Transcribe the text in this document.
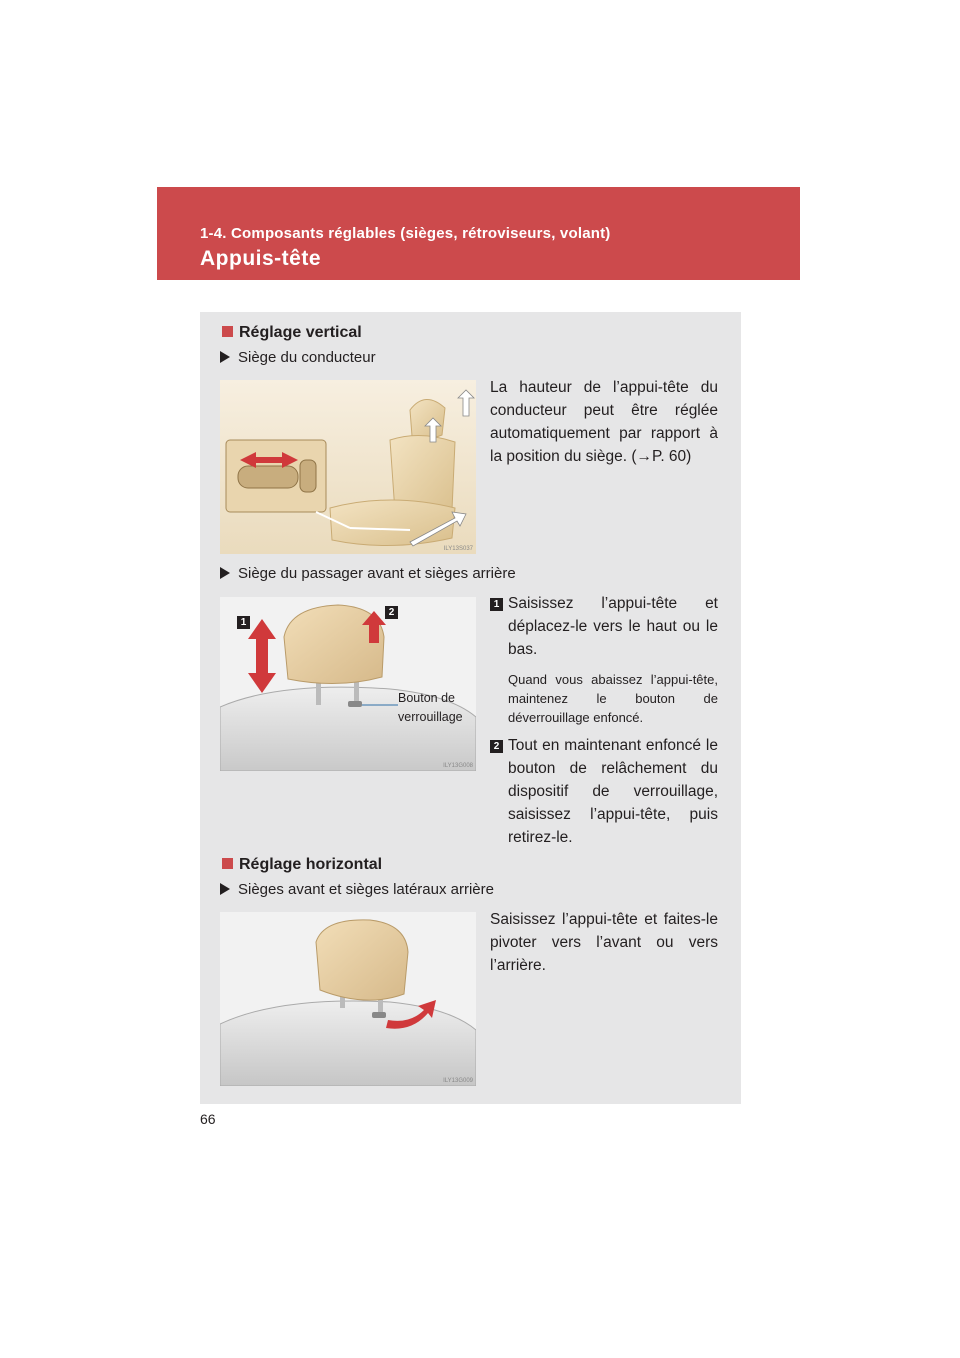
1-4. Composants réglables (sièges, rétroviseurs, volant)
Appuis-tête
Réglage vertical
Siège du conducteur
ILY13S037
La hauteur de l’appui-tête du conducteur peut être réglée automatiquement par rapport à la position du siège. (→P. 60)
Siège du passager avant et sièges arrière
1
2
Bouton de
verrouillage
ILY13G008
1 Saisissez l’appui-tête et déplacez-le vers le haut ou le bas.
Quand vous abaissez l’appui-tête, maintenez le bouton de déverrouillage enfoncé.
2 Tout en maintenant enfoncé le bouton de relâchement du dispositif de verrouillage, saisissez l’appui-tête, puis retirez-le.
Réglage horizontal
Sièges avant et sièges latéraux arrière
ILY13G009
Saisissez l’appui-tête et faites-le pivoter vers l’avant ou vers l’arrière.
66
